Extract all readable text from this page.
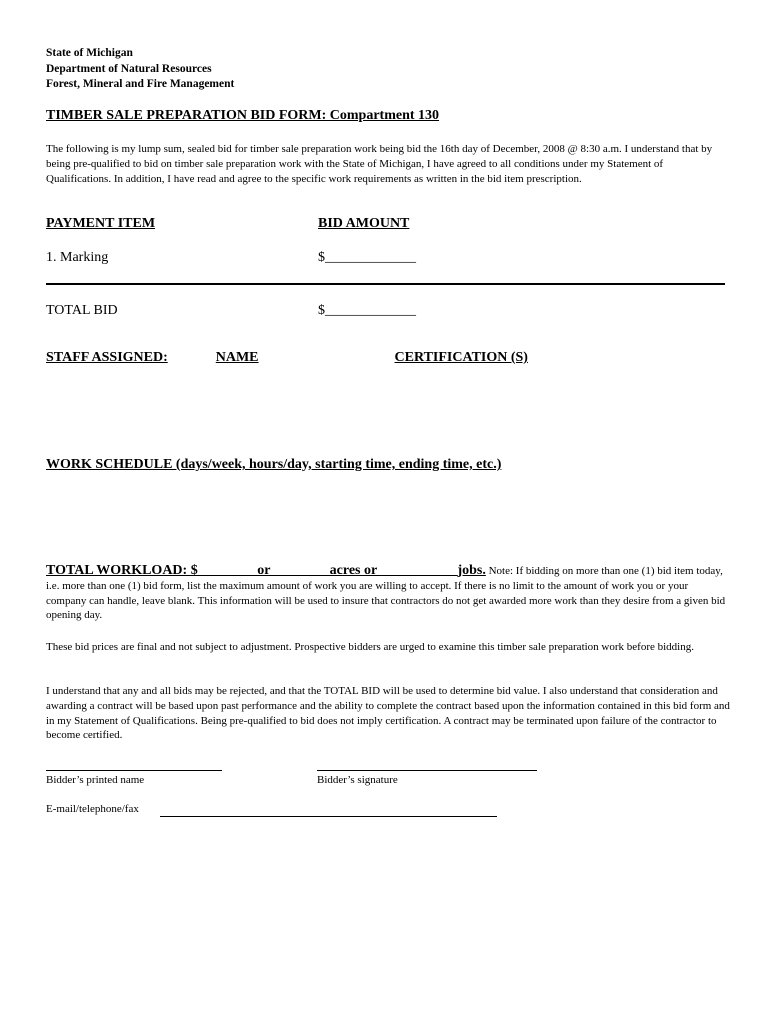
State of Michigan
Department of Natural Resources
Forest, Mineral and Fire Management
TIMBER SALE PREPARATION BID FORM: Compartment 130
The following is my lump sum, sealed bid for timber sale preparation work being bid the 16th day of December, 2008 @ 8:30 a.m. I understand that by being pre-qualified to bid on timber sale preparation work with the State of Michigan, I have agreed to all conditions under my Statement of Qualifications. In addition, I have read and agree to the specific work requirements as written in the bid item prescription.
PAYMENT ITEM	BID AMOUNT
1. Marking	$_____________
TOTAL BID	$_____________
STAFF ASSIGNED:	NAME	CERTIFICATION (S)
WORK SCHEDULE (days/week, hours/day, starting time, ending time, etc.)
TOTAL WORKLOAD: $________ or ________acres or ___________jobs. Note: If bidding on more than one (1) bid item today, i.e. more than one (1) bid form, list the maximum amount of work you are willing to accept. If there is no limit to the amount of work you or your company can handle, leave blank. This information will be used to insure that contractors do not get awarded more work than they desire from a given bid opening day.
These bid prices are final and not subject to adjustment. Prospective bidders are urged to examine this timber sale preparation work before bidding.
I understand that any and all bids may be rejected, and that the TOTAL BID will be used to determine bid value. I also understand that consideration and awarding a contract will be based upon past performance and the ability to complete the contract based upon the information contained in this bid form and in my Statement of Qualifications. Being pre-qualified to bid does not imply certification. A contract may be terminated upon failure of the contractor to become certified.
Bidder’s printed name	Bidder’s signature
E-mail/telephone/fax
